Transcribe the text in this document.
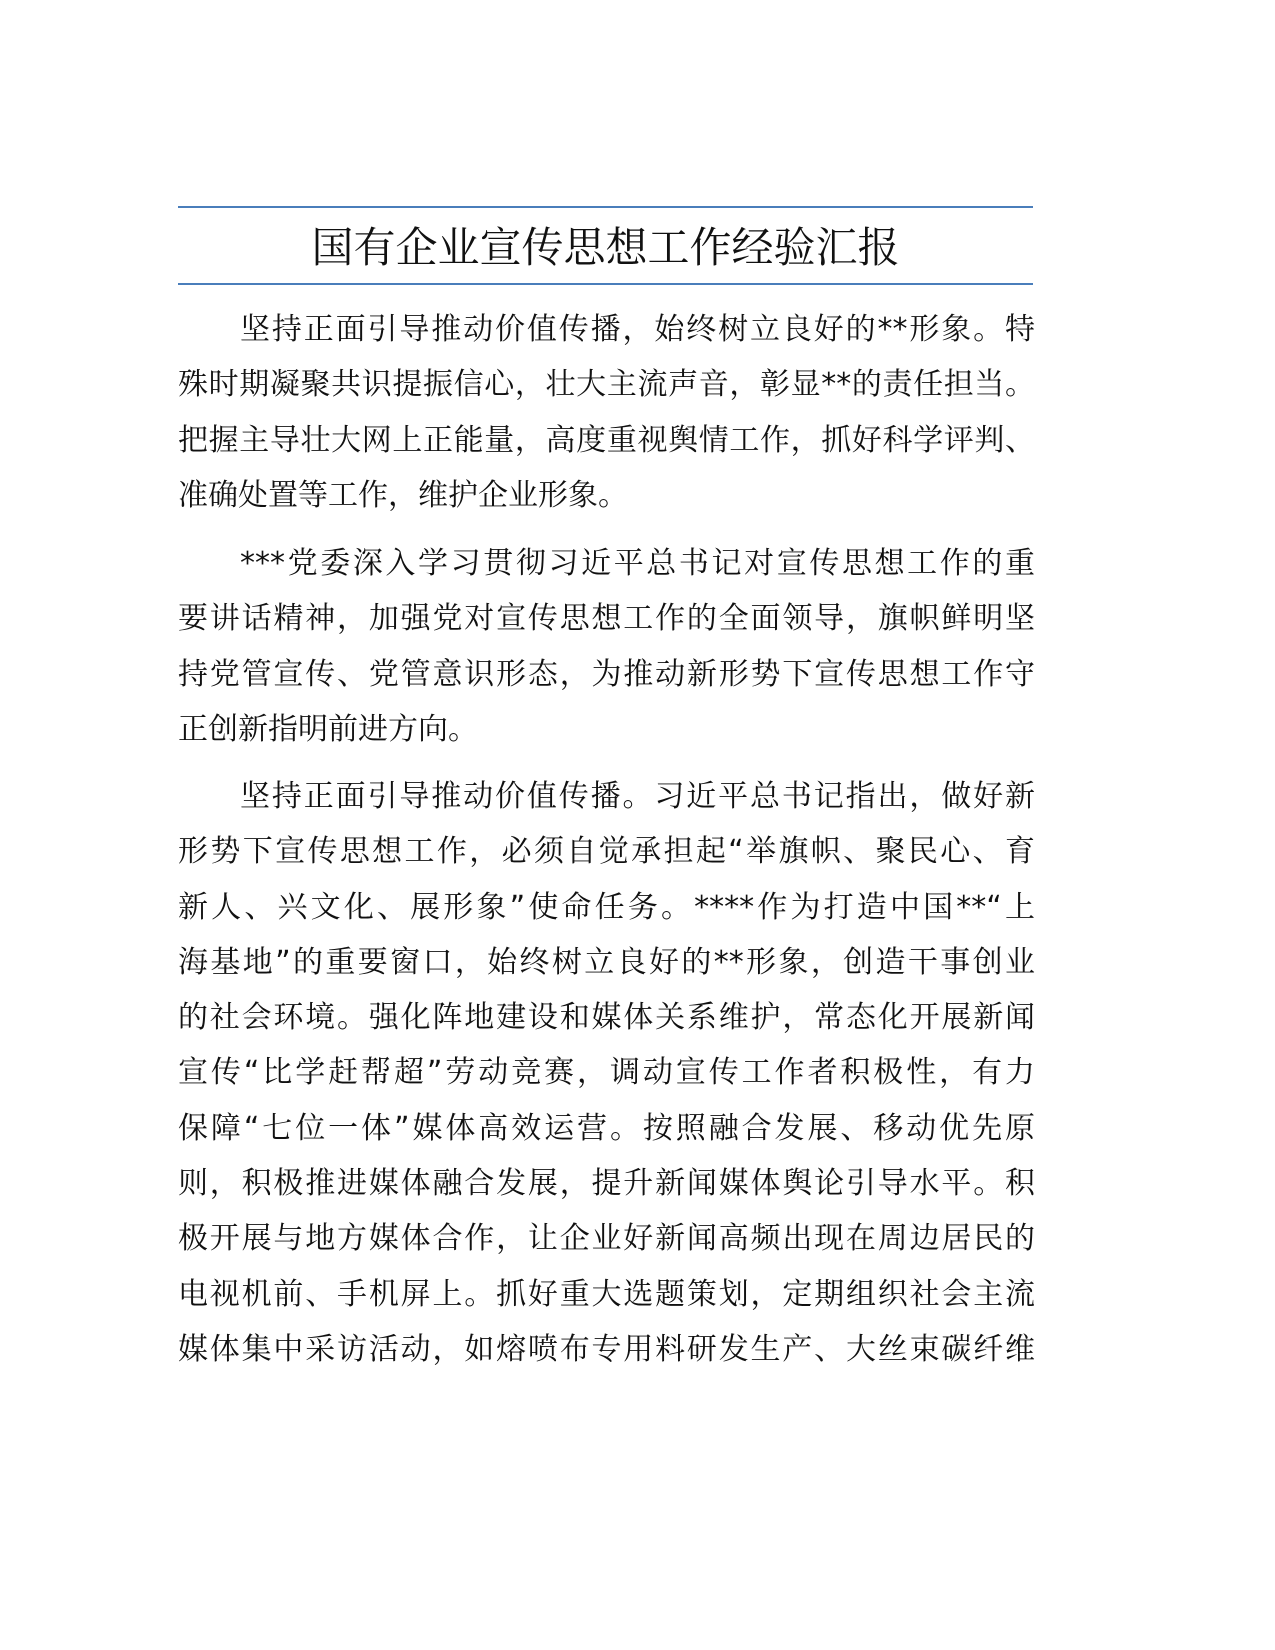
国有企业宣传思想工作经验汇报
坚持正面引导推动价值传播，始终树立良好的**形象。特
殊时期凝聚共识提振信心，壮大主流声音，彰显**的责任担当。
把握主导壮大网上正能量，高度重视舆情工作，抓好科学评判、
准确处置等工作，维护企业形象。
***党委深入学习贯彻习近平总书记对宣传思想工作的重
要讲话精神，加强党对宣传思想工作的全面领导，旗帜鲜明坚
持党管宣传、党管意识形态，为推动新形势下宣传思想工作守
正创新指明前进方向。
坚持正面引导推动价值传播。习近平总书记指出，做好新
形势下宣传思想工作，必须自觉承担起“举旗帜、聚民心、育
新人、兴文化、展形象”使命任务。****作为打造中国**“上
海基地”的重要窗口，始终树立良好的**形象，创造干事创业
的社会环境。强化阵地建设和媒体关系维护，常态化开展新闻
宣传“比学赶帮超”劳动竞赛，调动宣传工作者积极性，有力
保障“七位一体”媒体高效运营。按照融合发展、移动优先原
则，积极推进媒体融合发展，提升新闻媒体舆论引导水平。积
极开展与地方媒体合作，让企业好新闻高频出现在周边居民的
电视机前、手机屏上。抓好重大选题策划，定期组织社会主流
媒体集中采访活动，如熔喷布专用料研发生产、大丝束碳纤维
